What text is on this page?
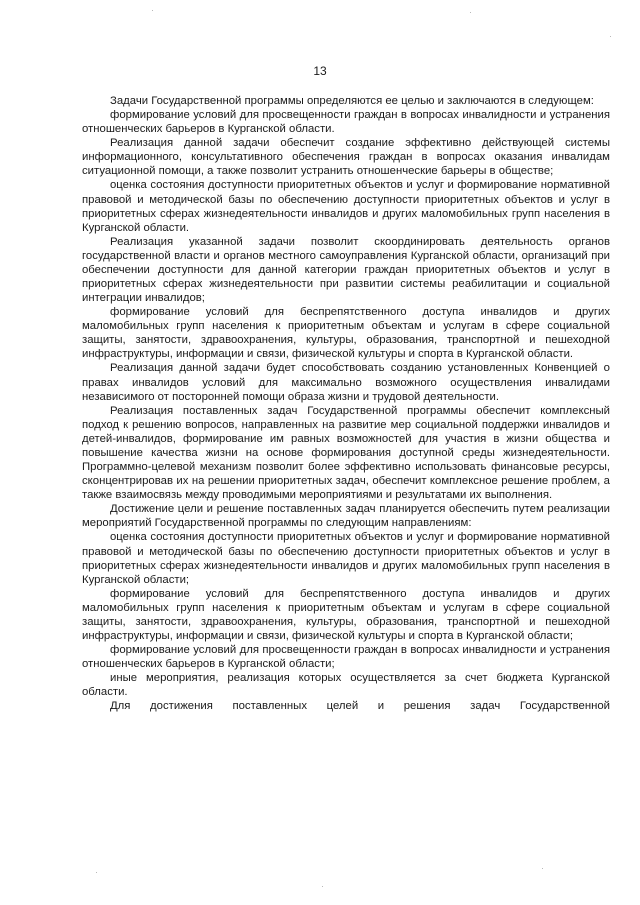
13

Задачи Государственной программы определяются ее целью и заключаются в следующем:

формирование условий для просвещенности граждан в вопросах инвалидности и устранения отношенческих барьеров в Курганской области.

Реализация данной задачи обеспечит создание эффективно действующей системы информационного, консультативного обеспечения граждан в вопросах оказания инвалидам ситуационной помощи, а также позволит устранить отношенческие барьеры в обществе;

оценка состояния доступности приоритетных объектов и услуг и формирование нормативной правовой и методической базы по обеспечению доступности приоритетных объектов и услуг в приоритетных сферах жизнедеятельности инвалидов и других маломобильных групп населения в Курганской области.

Реализация указанной задачи позволит скоординировать деятельность органов государственной власти и органов местного самоуправления Курганской области, организаций при обеспечении доступности для данной категории граждан приоритетных объектов и услуг в приоритетных сферах жизнедеятельности при развитии системы реабилитации и социальной интеграции инвалидов;

формирование условий для беспрепятственного доступа инвалидов и других маломобильных групп населения к приоритетным объектам и услугам в сфере социальной защиты, занятости, здравоохранения, культуры, образования, транспортной и пешеходной инфраструктуры, информации и связи, физической культуры и спорта в Курганской области.

Реализация данной задачи будет способствовать созданию установленных Конвенцией о правах инвалидов условий для максимально возможного осуществления инвалидами независимого от посторонней помощи образа жизни и трудовой деятельности.

Реализация поставленных задач Государственной программы обеспечит комплексный подход к решению вопросов, направленных на развитие мер социальной поддержки инвалидов и детей-инвалидов, формирование им равных возможностей для участия в жизни общества и повышение качества жизни на основе формирования доступной среды жизнедеятельности. Программно-целевой механизм позволит более эффективно использовать финансовые ресурсы, сконцентрировав их на решении приоритетных задач, обеспечит комплексное решение проблем, а также взаимосвязь между проводимыми мероприятиями и результатами их выполнения.

Достижение цели и решение поставленных задач планируется обеспечить путем реализации мероприятий Государственной программы по следующим направлениям:

оценка состояния доступности приоритетных объектов и услуг и формирование нормативной правовой и методической базы по обеспечению доступности приоритетных объектов и услуг в приоритетных сферах жизнедеятельности инвалидов и других маломобильных групп населения в Курганской области;

формирование условий для беспрепятственного доступа инвалидов и других маломобильных групп населения к приоритетным объектам и услугам в сфере социальной защиты, занятости, здравоохранения, культуры, образования, транспортной и пешеходной инфраструктуры, информации и связи, физической культуры и спорта в Курганской области;

формирование условий для просвещенности граждан в вопросах инвалидности и устранения отношенческих барьеров в Курганской области;

иные мероприятия, реализация которых осуществляется за счет бюджета Курганской области.

Для достижения поставленных целей и решения задач Государственной
